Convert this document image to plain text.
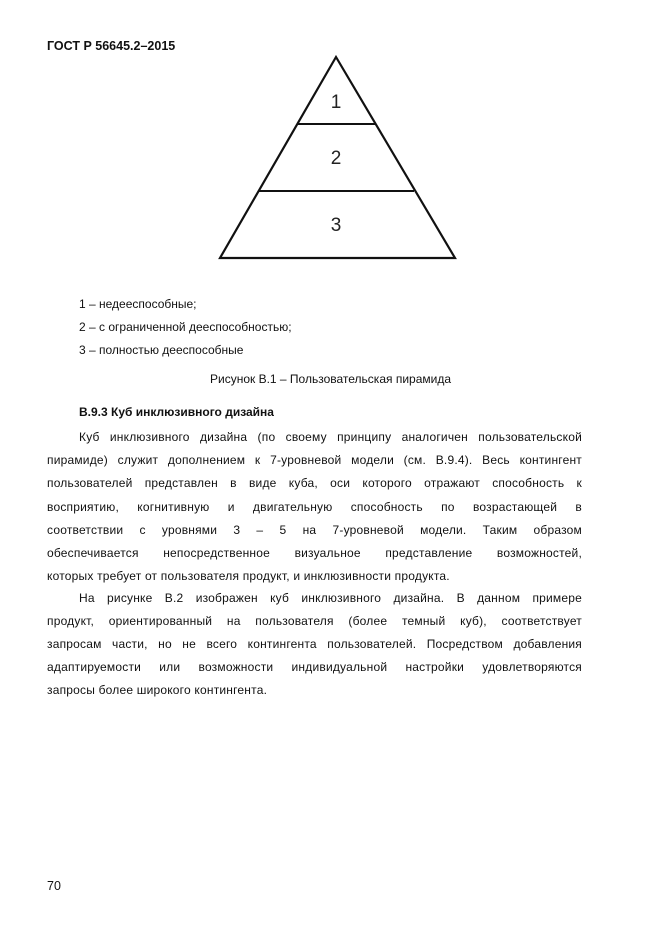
ГОСТ Р 56645.2–2015
1
2
3
1 – недееспособные;
2 – с ограниченной дееспособностью;
3 – полностью дееспособные
Рисунок В.1 – Пользовательская пирамида
В.9.3 Куб инклюзивного дизайна
Куб инклюзивного дизайна (по своему принципу аналогичен пользовательской
пирамиде) служит дополнением к 7-уровневой модели (см. В.9.4). Весь контингент
пользователей представлен в виде куба, оси которого отражают способность к
восприятию, когнитивную и двигательную способность по возрастающей в
соответствии с уровнями 3 – 5 на 7-уровневой модели. Таким образом
обеспечивается непосредственное визуальное представление возможностей,
которых требует от пользователя продукт, и инклюзивности продукта.
На рисунке В.2 изображен куб инклюзивного дизайна. В данном примере
продукт, ориентированный на пользователя (более темный куб), соответствует
запросам части, но не всего контингента пользователей. Посредством добавления
адаптируемости или возможности индивидуальной настройки удовлетворяются
запросы более широкого контингента.
70
